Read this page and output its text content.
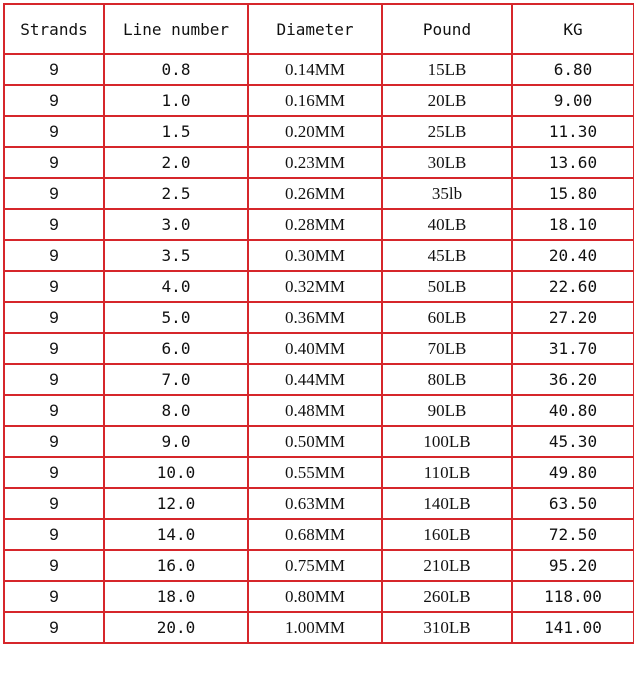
Strands	Line number	Diameter	Pound	KG
9	0.8	0.14MM	15LB	6.80
9	1.0	0.16MM	20LB	9.00
9	1.5	0.20MM	25LB	11.30
9	2.0	0.23MM	30LB	13.60
9	2.5	0.26MM	35lb	15.80
9	3.0	0.28MM	40LB	18.10
9	3.5	0.30MM	45LB	20.40
9	4.0	0.32MM	50LB	22.60
9	5.0	0.36MM	60LB	27.20
9	6.0	0.40MM	70LB	31.70
9	7.0	0.44MM	80LB	36.20
9	8.0	0.48MM	90LB	40.80
9	9.0	0.50MM	100LB	45.30
9	10.0	0.55MM	110LB	49.80
9	12.0	0.63MM	140LB	63.50
9	14.0	0.68MM	160LB	72.50
9	16.0	0.75MM	210LB	95.20
9	18.0	0.80MM	260LB	118.00
9	20.0	1.00MM	310LB	141.00
